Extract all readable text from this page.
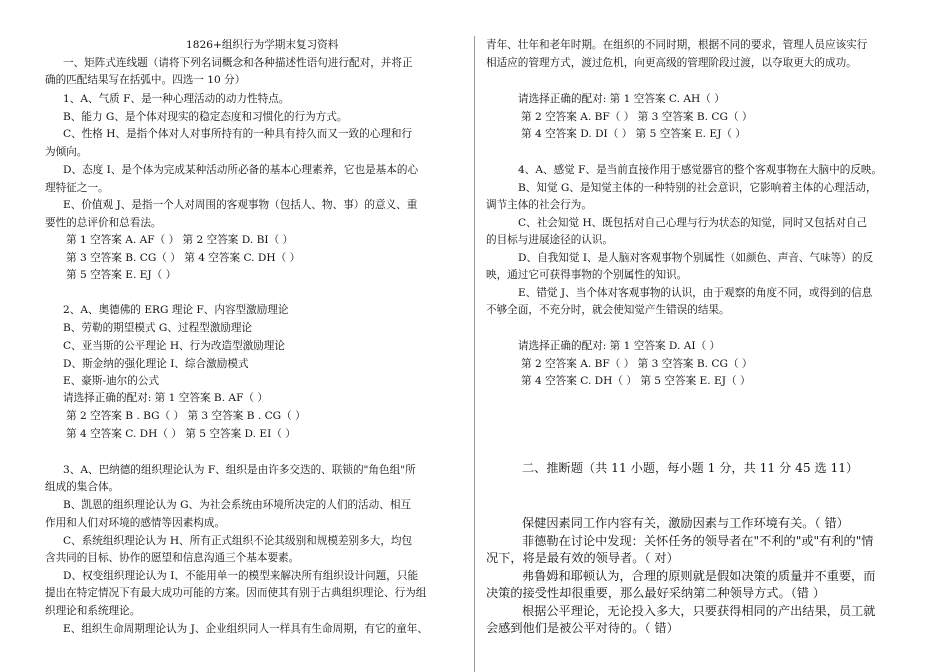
1826+组织行为学期末复习资料
一、矩阵式连线题（请将下列名词概念和各种描述性语句进行配对，并将正
确的匹配结果写在括弧中。四选一 10 分）
1、A、气质 F、是一种心理活动的动力性特点。
B、能力 G、是个体对现实的稳定态度和习惯化的行为方式。
C、性格 H、是指个体对人对事所持有的一种具有持久而又一致的心理和行
为倾向。
D、态度 I、是个体为完成某种活动所必备的基本心理素养，它也是基本的心
理特征之一。
E、价值观 J、是指一个人对周围的客观事物（包括人、物、事）的意义、重
要性的总评价和总看法。
第 1 空答案 A. AF（ ） 第 2 空答案 D. BI（ ）
第 3 空答案 B. CG（ ） 第 4 空答案 C. DH（ ）
第 5 空答案 E. EJ（ ）
2、A、奥德佛的 ERG 理论 F、内容型激励理论
B、劳勒的期望模式 G、过程型激励理论
C、亚当斯的公平理论 H、行为改造型激励理论
D、斯金纳的强化理论 I、综合激励模式
E、豪斯-迪尔的公式
请选择正确的配对: 第 1 空答案 B. AF（ ）
第 2 空答案 B . BG（ ） 第 3 空答案 B . CG（ ）
第 4 空答案 C. DH（ ） 第 5 空答案 D. EI（ ）
3、A、巴纳德的组织理论认为 F、组织是由许多交迭的、联锁的"角色组"所
组成的集合体。
B、凯恩的组织理论认为 G、为社会系统由环境所决定的人们的活动、相互
作用和人们对环境的感情等因素构成。
C、系统组织理论认为 H、所有正式组织不论其级别和规模差别多大，均包
含共同的目标、协作的愿望和信息沟通三个基本要素。
D、权变组织理论认为 I、不能用单一的模型来解决所有组织设计问题，只能
提出在特定情况下有最大成功可能的方案。因而使其有别于古典组织理论、行为组
织理论和系统理论。
E、组织生命周期理论认为 J、企业组织同人一样具有生命周期，有它的童年、
青年、壮年和老年时期。在组织的不同时期，根据不同的要求，管理人员应该实行
相适应的管理方式，渡过危机，向更高级的管理阶段过渡，以夺取更大的成功。
请选择正确的配对: 第 1 空答案 C. AH（ ）
第 2 空答案 A. BF（ ） 第 3 空答案 B. CG（ ）
第 4 空答案 D. DI（ ） 第 5 空答案 E. EJ（ ）
4、A、感觉 F、是当前直接作用于感觉器官的整个客观事物在大脑中的反映。
B、知觉 G、是知觉主体的一种特别的社会意识，它影响着主体的心理活动，
调节主体的社会行为。
C、社会知觉 H、既包括对自己心理与行为状态的知觉，同时又包括对自己
的目标与进展途径的认识。
D、自我知觉 I、是人脑对客观事物个别属性（如颜色、声音、气味等）的反
映，通过它可获得事物的个别属性的知识。
E、错觉 J、当个体对客观事物的认识，由于观察的角度不同，或得到的信息
不够全面，不充分时，就会使知觉产生错误的结果。
请选择正确的配对: 第 1 空答案 D. AI（ ）
第 2 空答案 A. BF（ ） 第 3 空答案 B. CG（ ）
第 4 空答案 C. DH（ ） 第 5 空答案 E. EJ（ ）
二、推断题（共 11 小题，每小题 1 分，共 11 分 45 选 11）
保健因素同工作内容有关，激励因素与工作环境有关。（ 错）
菲德勒在讨论中发现：关怀任务的领导者在"不利的"或"有利的"情
况下，将是最有效的领导者。（ 对）
弗鲁姆和耶顿认为，合理的原则就是假如决策的质量并不重要，而
决策的接受性却很重要，那么最好采纳第二种领导方式。（错 ）
根据公平理论，无论投入多大，只要获得相同的产出结果，员工就
会感到他们是被公平对待的。（ 错）
